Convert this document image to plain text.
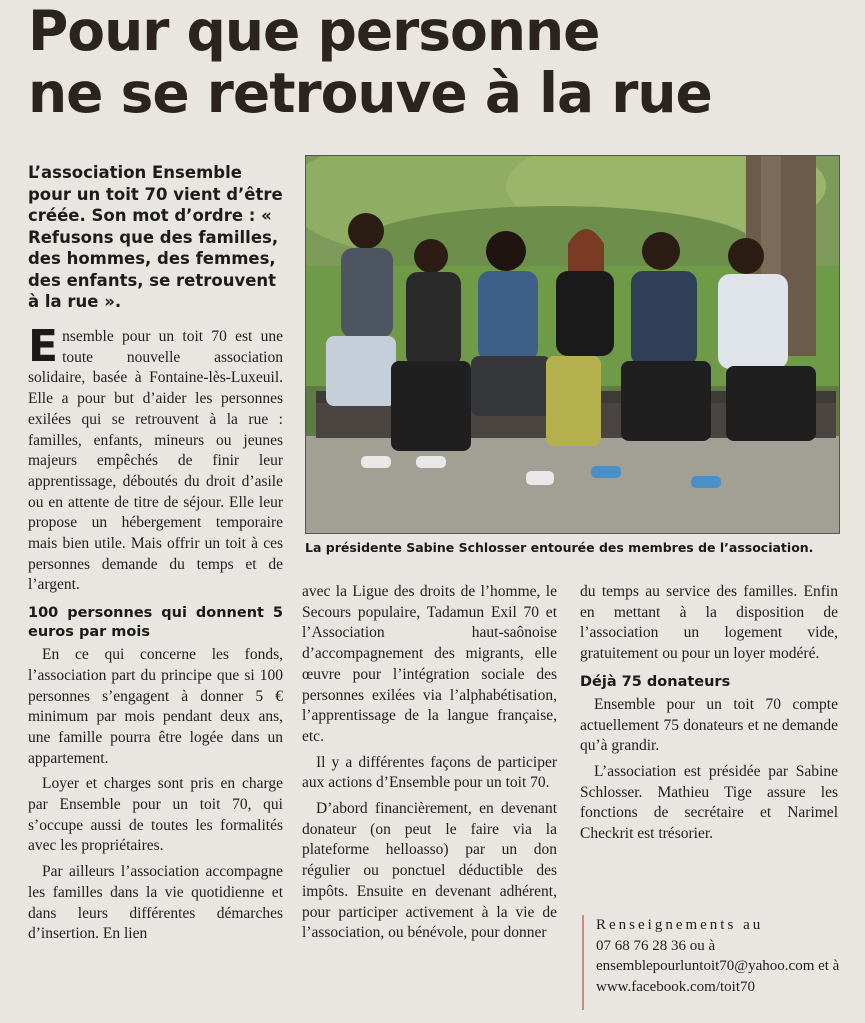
Pour que personne
ne se retrouve à la rue
L’association Ensemble pour un toit 70 vient d’être créée. Son mot d’ordre : « Refusons que des familles, des hommes, des femmes, des enfants, se retrouvent à la rue ».
La présidente Sabine Schlosser entourée des membres de l’association.

Ensemble pour un toit 70 est une toute nouvelle association solidaire, basée à Fontaine-lès-Luxeuil. Elle a pour but d’aider les personnes exilées qui se retrouvent à la rue : familles, enfants, mineurs ou jeunes majeurs empêchés de finir leur apprentissage, déboutés du droit d’asile ou en attente de titre de séjour. Elle leur propose un hébergement temporaire mais bien utile. Mais offrir un toit à ces personnes demande du temps et de l’argent.

100 personnes qui donnent 5 euros par mois

En ce qui concerne les fonds, l’association part du principe que si 100 personnes s’engagent à donner 5 € minimum par mois pendant deux ans, une famille pourra être logée dans un appartement.

Loyer et charges sont pris en charge par Ensemble pour un toit 70, qui s’occupe aussi de toutes les formalités avec les propriétaires.

Par ailleurs l’association accompagne les familles dans la vie quotidienne et dans leurs différentes démarches d’insertion. En lien

avec la Ligue des droits de l’homme, le Secours populaire, Tadamun Exil 70 et l’Association haut-saônoise d’accompagnement des migrants, elle œuvre pour l’intégration sociale des personnes exilées via l’alphabétisation, l’apprentissage de la langue française, etc.

Il y a différentes façons de participer aux actions d’Ensemble pour un toit 70.

D’abord financièrement, en devenant donateur (on peut le faire via la plateforme helloasso) par un don régulier ou ponctuel déductible des impôts. Ensuite en devenant adhérent, pour participer activement à la vie de l’association, ou bénévole, pour donner

du temps au service des familles. Enfin en mettant à la disposition de l’association un logement vide, gratuitement ou pour un loyer modéré.

Déjà 75 donateurs

Ensemble pour un toit 70 compte actuellement 75 donateurs et ne demande qu’à grandir.

L’association est présidée par Sabine Schlosser. Mathieu Tige assure les fonctions de secrétaire et Narimel Checkrit est trésorier.

Renseignements au
07 68 76 28 36 ou à ensemblepourluntoit70@yahoo.com et à www.facebook.com/toit70
